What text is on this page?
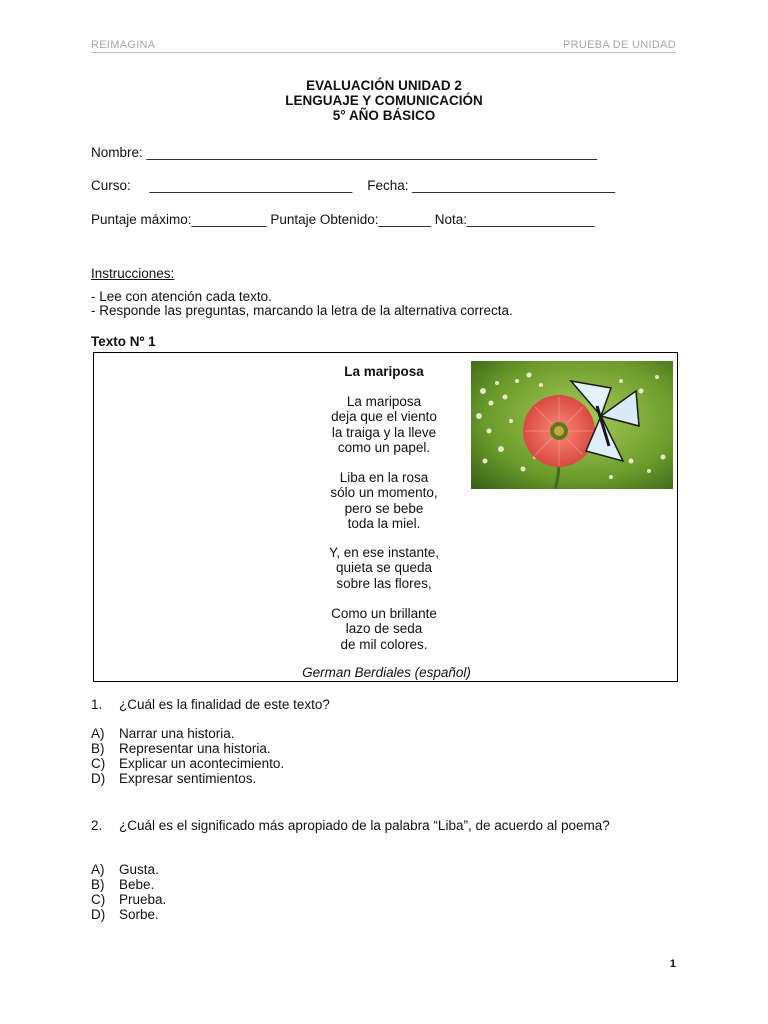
REIMAGINA	PRUEBA DE UNIDAD
EVALUACIÓN UNIDAD 2
LENGUAJE Y COMUNICACIÓN
5° AÑO BÁSICO
Nombre: ____________________________________________________________
Curso:     ___________________________    Fecha: ___________________________
Puntaje máximo:__________ Puntaje Obtenido:_______ Nota:_________________
Instrucciones:
- Lee con atención cada texto.
- Responde las preguntas, marcando la letra de la alternativa correcta.
Texto Nº 1
La mariposa
La mariposa
deja que el viento
la traiga y la lleve
como un papel.
Liba en la rosa
sólo un momento,
pero se bebe
toda la miel.
Y, en ese instante,
quieta se queda
sobre las flores,
Como un brillante
lazo de seda
de mil colores.
German Berdiales (español)
1. ¿Cuál es la finalidad de este texto?
A) Narrar una historia.
B) Representar una historia.
C) Explicar un acontecimiento.
D) Expresar sentimientos.
2. ¿Cuál es el significado más apropiado de la palabra “Liba”, de acuerdo al poema?
A) Gusta.
B) Bebe.
C) Prueba.
D) Sorbe.
1
